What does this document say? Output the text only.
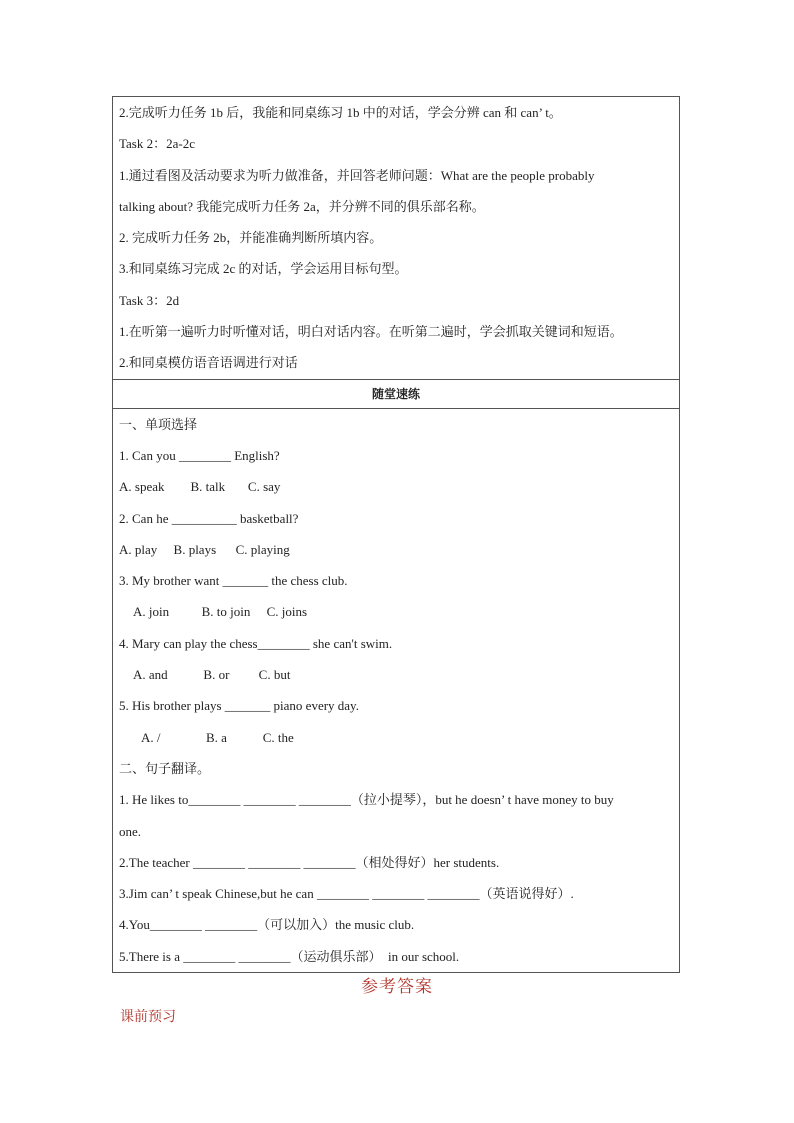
2.完成听力任务 1b 后，我能和同桌练习 1b 中的对话，学会分辨 can 和 can’ t。
Task 2：2a-2c
1.通过看图及活动要求为听力做准备，并回答老师问题：What are the people probably
talking about? 我能完成听力任务 2a，并分辨不同的俱乐部名称。
2. 完成听力任务 2b，并能准确判断所填内容。
3.和同桌练习完成 2c 的对话，学会运用目标句型。
Task 3：2d
1.在听第一遍听力时听懂对话，明白对话内容。在听第二遍时，学会抓取关键词和短语。
2.和同桌模仿语音语调进行对话
随堂速练
一、单项选择
1. Can you ________ English?
A. speak        B. talk       C. say
2. Can he __________ basketball?
A. play     B. plays      C. playing
3. My brother want _______ the chess club.
A. join          B. to join     C. joins
4. Mary can play the chess________ she can't swim.
A. and           B. or         C. but
5. His brother plays _______ piano every day.
A. /              B. a           C. the
二、句子翻译。
1. He likes to________ ________ ________（拉小提琴），but he doesn’ t have money to buy
one.
2.The teacher ________ ________ ________（相处得好）her students.
3.Jim can’ t speak Chinese,but he can ________ ________ ________（英语说得好）.
4.You________ ________（可以加入）the music club.
5.There is a ________ ________（运动俱乐部）  in our school.
参考答案
课前预习
